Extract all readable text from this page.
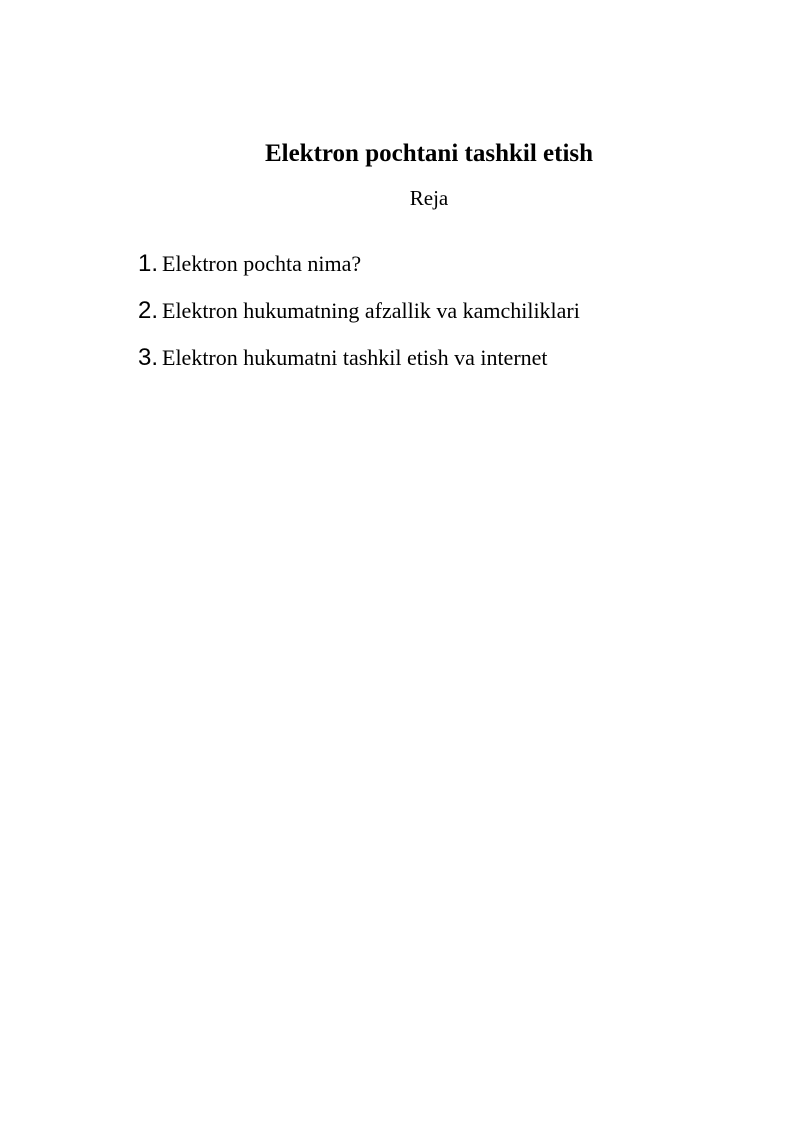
Elektron pochtani tashkil etish
Reja
1. Elektron pochta nima?
2. Elektron hukumatning afzallik va kamchiliklari
3. Elektron hukumatni tashkil etish va internet
